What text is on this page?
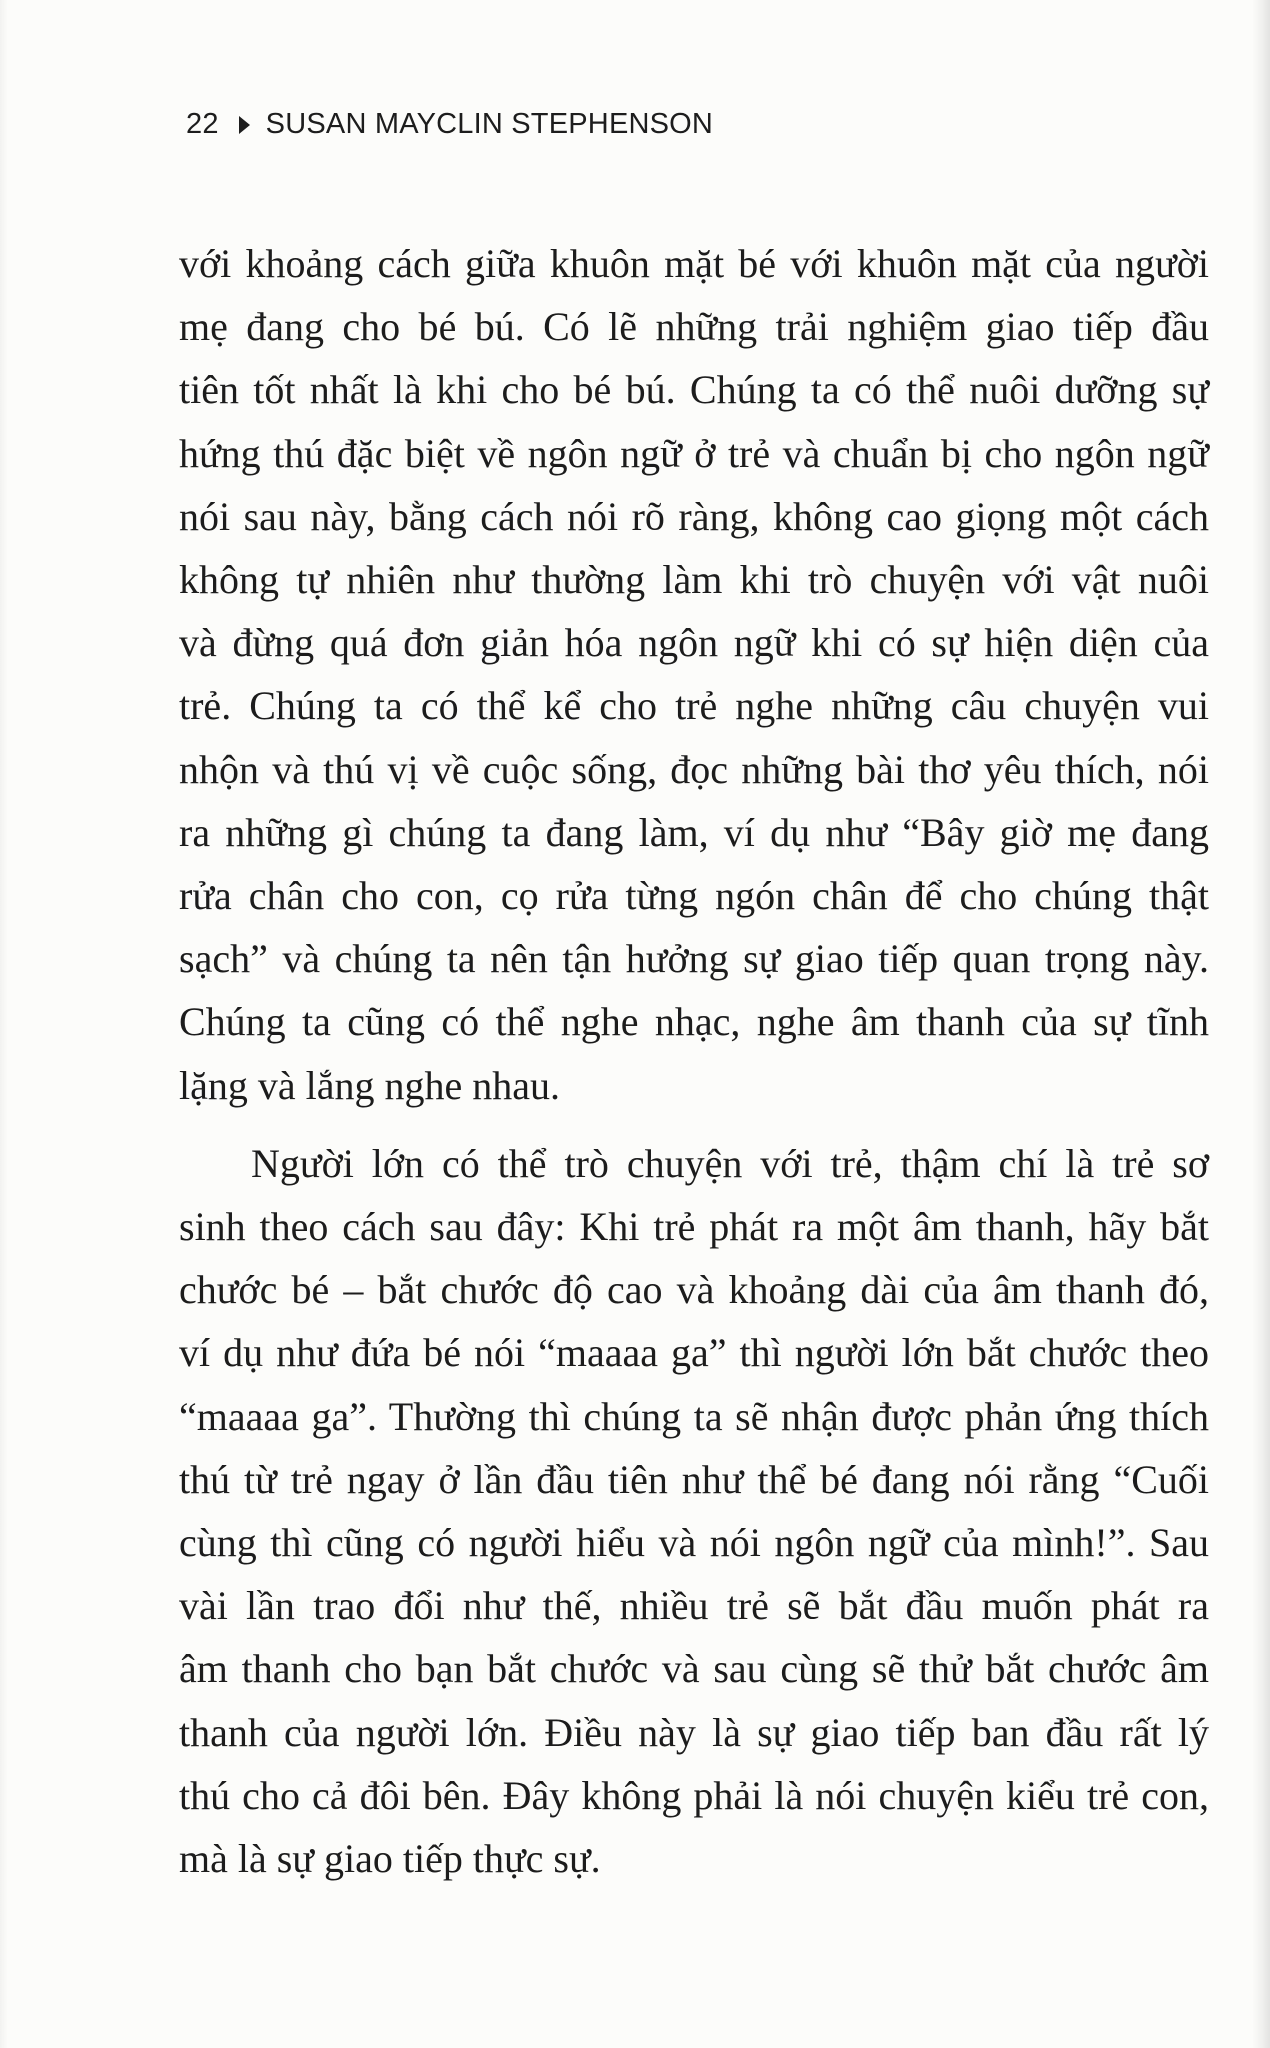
22 SUSAN MAYCLIN STEPHENSON

với khoảng cách giữa khuôn mặt bé với khuôn mặt của người
mẹ đang cho bé bú. Có lẽ những trải nghiệm giao tiếp đầu
tiên tốt nhất là khi cho bé bú. Chúng ta có thể nuôi dưỡng sự
hứng thú đặc biệt về ngôn ngữ ở trẻ và chuẩn bị cho ngôn ngữ
nói sau này, bằng cách nói rõ ràng, không cao giọng một cách
không tự nhiên như thường làm khi trò chuyện với vật nuôi
và đừng quá đơn giản hóa ngôn ngữ khi có sự hiện diện của
trẻ. Chúng ta có thể kể cho trẻ nghe những câu chuyện vui
nhộn và thú vị về cuộc sống, đọc những bài thơ yêu thích, nói
ra những gì chúng ta đang làm, ví dụ như “Bây giờ mẹ đang
rửa chân cho con, cọ rửa từng ngón chân để cho chúng thật
sạch” và chúng ta nên tận hưởng sự giao tiếp quan trọng này.
Chúng ta cũng có thể nghe nhạc, nghe âm thanh của sự tĩnh
lặng và lắng nghe nhau.

Người lớn có thể trò chuyện với trẻ, thậm chí là trẻ sơ
sinh theo cách sau đây: Khi trẻ phát ra một âm thanh, hãy bắt
chước bé – bắt chước độ cao và khoảng dài của âm thanh đó,
ví dụ như đứa bé nói “maaaa ga” thì người lớn bắt chước theo
“maaaa ga”. Thường thì chúng ta sẽ nhận được phản ứng thích
thú từ trẻ ngay ở lần đầu tiên như thể bé đang nói rằng “Cuối
cùng thì cũng có người hiểu và nói ngôn ngữ của mình!”. Sau
vài lần trao đổi như thế, nhiều trẻ sẽ bắt đầu muốn phát ra
âm thanh cho bạn bắt chước và sau cùng sẽ thử bắt chước âm
thanh của người lớn. Điều này là sự giao tiếp ban đầu rất lý
thú cho cả đôi bên. Đây không phải là nói chuyện kiểu trẻ con,
mà là sự giao tiếp thực sự.
